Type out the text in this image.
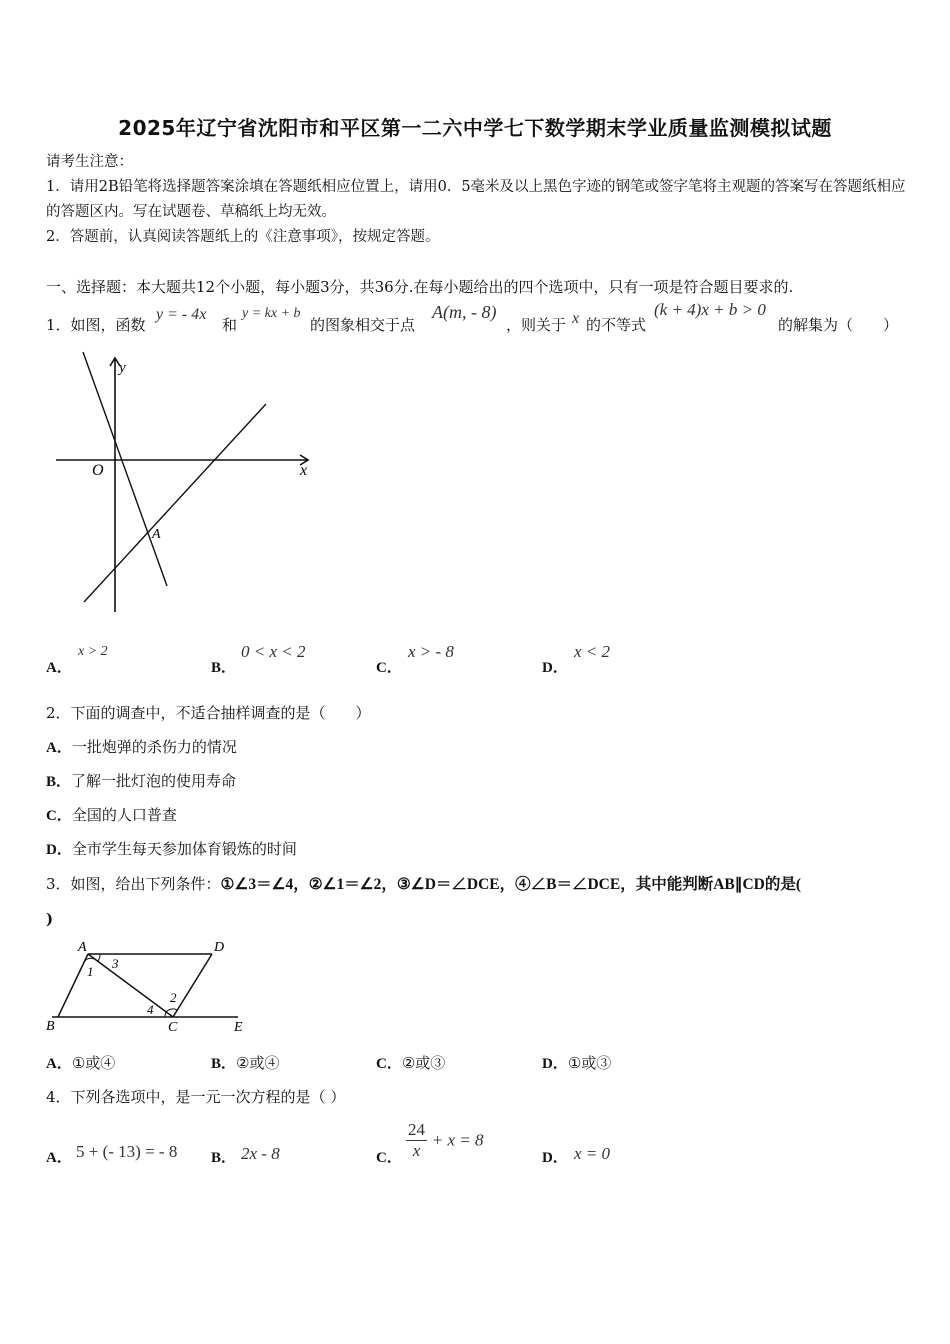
2025年辽宁省沈阳市和平区第一二六中学七下数学期末学业质量监测模拟试题
请考生注意：
1．请用2B铅笔将选择题答案涂填在答题纸相应位置上，请用0．5毫米及以上黑色字迹的钢笔或签字笔将主观题的答案写在答题纸相应的答题区内。写在试题卷、草稿纸上均无效。
2．答题前，认真阅读答题纸上的《注意事项》，按规定答题。
一、选择题：本大题共12个小题，每小题3分，共36分.在每小题给出的四个选项中，只有一项是符合题目要求的.
1．如图，函数
y = - 4x
和
y = kx + b
的图象相交于点
A(m, - 8)
，则关于 x 的不等式
(k + 4)x + b > 0
的解集为（　　）
y
x
O
A
A．
x > 2
B．
0 < x < 2
C．
x > - 8
D．
x < 2
2．下面的调查中，不适合抽样调查的是（　　）
A．一批炮弹的杀伤力的情况
B．了解一批灯泡的使用寿命
C．全国的人口普查
D．全市学生每天参加体育锻炼的时间
3．如图，给出下列条件：①∠3＝∠4，②∠1＝∠2，③∠D＝∠DCE，④∠B＝∠DCE，其中能判断AB∥CD的是(
)
A	D
B	C	E
1
2
3
4
A．①或④	B．②或④	C．②或③	D．①或③
4．下列各选项中，是一元一次方程的是（ ）
A． 5 + (- 13) = - 8 B． 2x - 8	C． $\frac{24}{x} + x = 8$
D． x = 0
